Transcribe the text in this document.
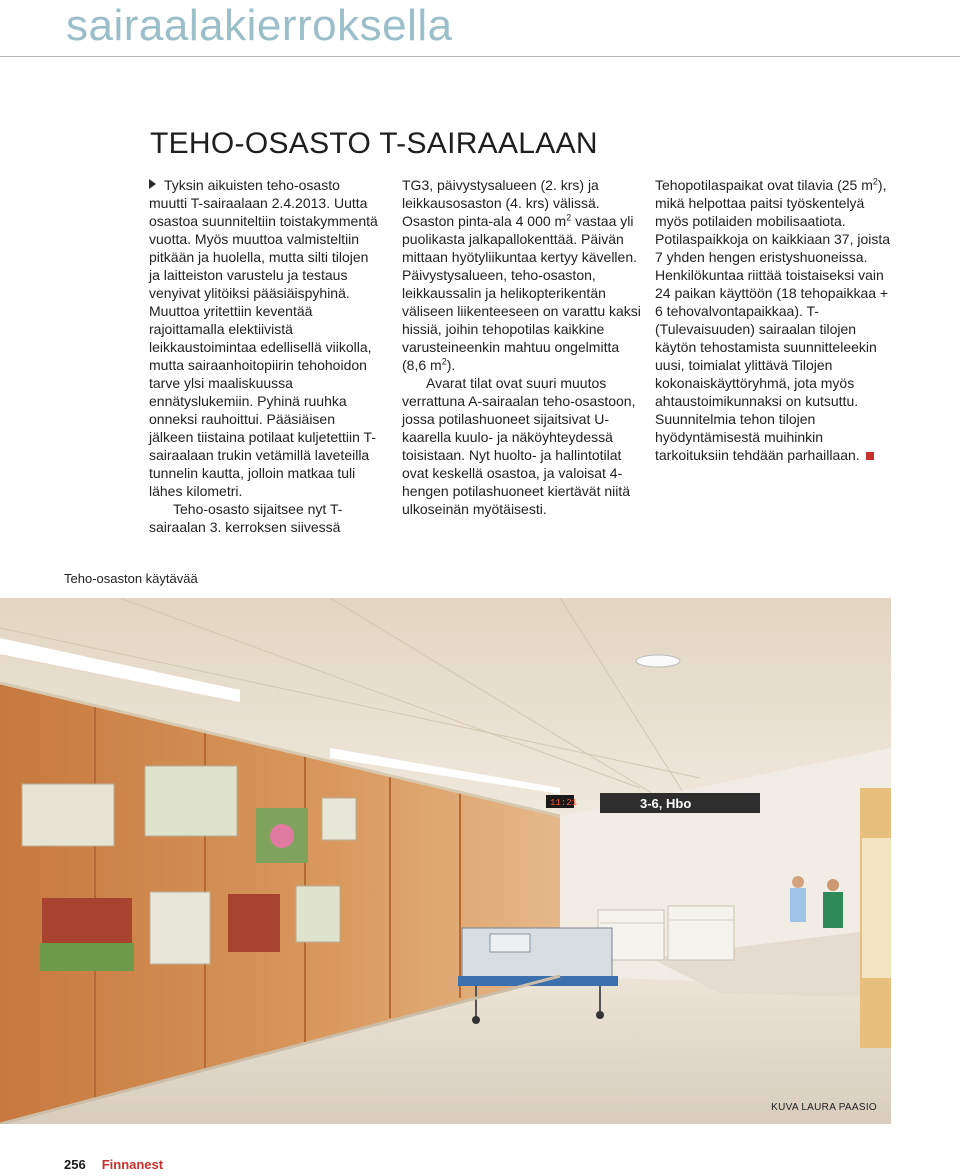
sairaalakierroksella
TEHO-OSASTO T-SAIRAALAAN

Tyksin aikuisten teho-osasto muutti T-sairaalaan 2.4.2013. Uutta osastoa suunniteltiin toistakymmentä vuotta. Myös muuttoa valmisteltiin pitkään ja huolella, mutta silti tilojen ja laitteiston varustelu ja testaus venyivat ylitöiksi pääsiäispyhinä. Muuttoa yritettiin keventää rajoittamalla elektiivistä leikkaustoimintaa edellisellä viikolla, mutta sairaanhoitopiirin tehohoidon tarve ylsi maaliskuussa ennätyslukemiin. Pyhinä ruuhka onneksi rauhoittui. Pääsiäisen jälkeen tiistaina potilaat kuljetettiin T-sairaalaan trukin vetämillä laveteilla tunnelin kautta, jolloin matkaa tuli lähes kilometri.

Teho-osasto sijaitsee nyt T-sairaalan 3. kerroksen siivessä

TG3, päivystysalueen (2. krs) ja leikkausosaston (4. krs) välissä. Osaston pinta-ala 4 000 $m^2$ vastaa yli puolikasta jalkapallokenttää. Päivän mittaan hyötyliikuntaa kertyy kävellen. Päivystysalueen, teho-osaston, leikkaussalin ja helikopterikentän väliseen liikenteeseen on varattu kaksi hissiä, joihin tehopotilas kaikkine varusteineenkin mahtuu ongelmitta (8,6 $m^2$).

Avarat tilat ovat suuri muutos verrattuna A-sairaalan teho-osastoon, jossa potilashuoneet sijaitsivat U-kaarella kuulo- ja näköyhteydessä toisistaan. Nyt huolto- ja hallintotilat ovat keskellä osastoa, ja valoisat 4-hengen potilashuoneet kiertävät niitä ulkoseinän myötäisesti.

Tehopotilaspaikat ovat tilavia (25 $m^2$), mikä helpottaa paitsi työskentelyä myös potilaiden mobilisaatiota. Potilaspaikkoja on kaikkiaan 37, joista 7 yhden hengen eristyshuoneissa. Henkilökuntaa riittää toistaiseksi vain 24 paikan käyttöön (18 tehopaikkaa + 6 tehovalvontapaikkaa). T- (Tulevaisuuden) sairaalan tilojen käytön tehostamista suunnitteleekin uusi, toimialat ylittävä Tilojen kokonaiskäyttöryhmä, jota myös ahtaustoimikunnaksi on kutsuttu. Suunnitelmia tehon tilojen hyödyntämisestä muihinkin tarkoituksiin tehdään parhaillaan.

Teho-osaston käytävää

3-6, Hbo
11:21

KUVA LAURA PAASIO

256 Finnanest
